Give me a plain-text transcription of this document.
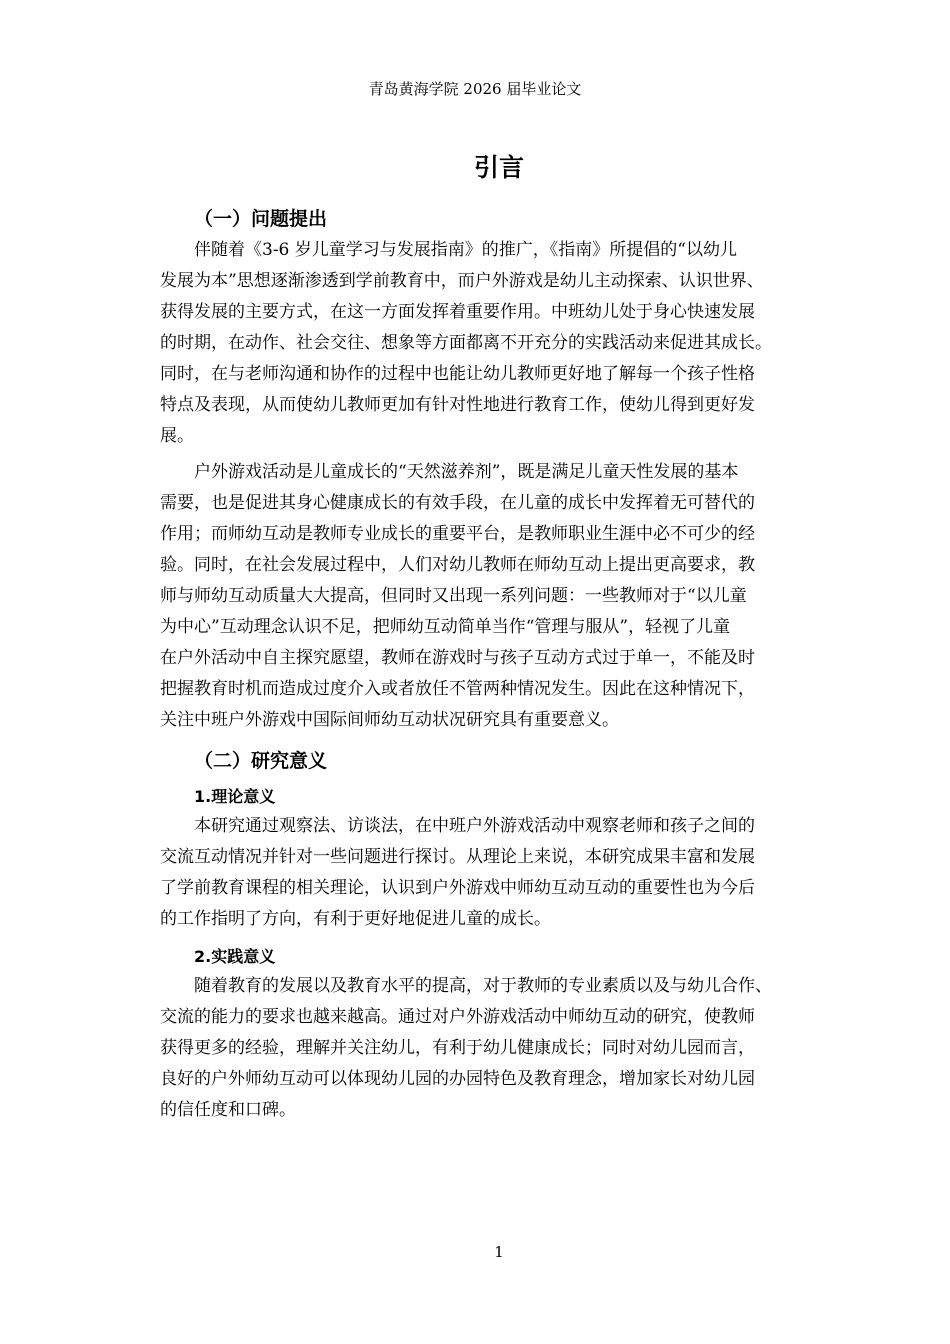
青岛黄海学院 2026 届毕业论文
引言
（一）问题提出
伴随着《3-6 岁儿童学习与发展指南》的推广，《指南》所提倡的“以幼儿
发展为本”思想逐渐渗透到学前教育中，而户外游戏是幼儿主动探索、认识世界、
获得发展的主要方式，在这一方面发挥着重要作用。中班幼儿处于身心快速发展
的时期，在动作、社会交往、想象等方面都离不开充分的实践活动来促进其成长。
同时，在与老师沟通和协作的过程中也能让幼儿教师更好地了解每一个孩子性格
特点及表现，从而使幼儿教师更加有针对性地进行教育工作，使幼儿得到更好发
展。
户外游戏活动是儿童成长的“天然滋养剂”，既是满足儿童天性发展的基本
需要，也是促进其身心健康成长的有效手段，在儿童的成长中发挥着无可替代的
作用；而师幼互动是教师专业成长的重要平台，是教师职业生涯中必不可少的经
验。同时，在社会发展过程中，人们对幼儿教师在师幼互动上提出更高要求，教
师与师幼互动质量大大提高，但同时又出现一系列问题：一些教师对于“以儿童
为中心”互动理念认识不足，把师幼互动简单当作“管理与服从”，轻视了儿童
在户外活动中自主探究愿望，教师在游戏时与孩子互动方式过于单一，不能及时
把握教育时机而造成过度介入或者放任不管两种情况发生。因此在这种情况下，
关注中班户外游戏中国际间师幼互动状况研究具有重要意义。
（二）研究意义
1.理论意义
本研究通过观察法、访谈法，在中班户外游戏活动中观察老师和孩子之间的
交流互动情况并针对一些问题进行探讨。从理论上来说，本研究成果丰富和发展
了学前教育课程的相关理论，认识到户外游戏中师幼互动互动的重要性也为今后
的工作指明了方向，有利于更好地促进儿童的成长。
2.实践意义
随着教育的发展以及教育水平的提高，对于教师的专业素质以及与幼儿合作、
交流的能力的要求也越来越高。通过对户外游戏活动中师幼互动的研究，使教师
获得更多的经验，理解并关注幼儿，有利于幼儿健康成长；同时对幼儿园而言，
良好的户外师幼互动可以体现幼儿园的办园特色及教育理念，增加家长对幼儿园
的信任度和口碑。
1
